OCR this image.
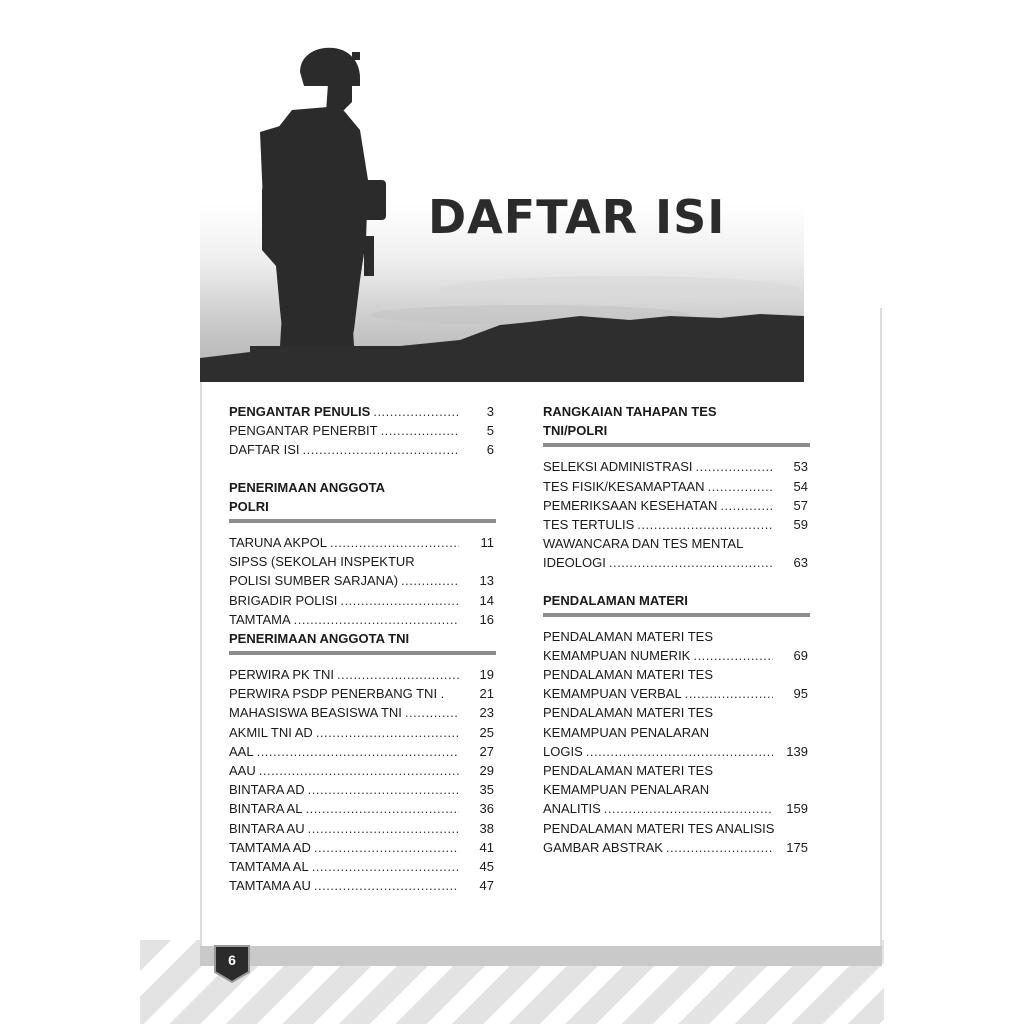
DAFTAR ISI
PENGANTAR PENULIS .....	3
PENGANTAR PENERBIT .....	5
DAFTAR ISI .....	6
PENERIMAAN ANGGOTA
POLRI
TARUNA AKPOL .....	11
SIPSS (SEKOLAH INSPEKTUR
POLISI SUMBER SARJANA) .....	13
BRIGADIR POLISI .....	14
TAMTAMA .....	16
PENERIMAAN ANGGOTA TNI
PERWIRA PK TNI .....	19
PERWIRA PSDP PENERBANG TNI .	21
MAHASISWA BEASISWA TNI .....	23
AKMIL TNI AD .....	25
AAL .....	27
AAU .....	29
BINTARA AD .....	35
BINTARA AL .....	36
BINTARA AU .....	38
TAMTAMA AD .....	41
TAMTAMA AL .....	45
TAMTAMA AU .....	47
RANGKAIAN TAHAPAN TES
TNI/POLRI
SELEKSI ADMINISTRASI .....	53
TES FISIK/KESAMAPTAAN .....	54
PEMERIKSAAN KESEHATAN .....	57
TES TERTULIS .....	59
WAWANCARA DAN TES MENTAL
IDEOLOGI .....	63
PENDALAMAN MATERI
PENDALAMAN MATERI TES
KEMAMPUAN NUMERIK .....	69
PENDALAMAN MATERI TES
KEMAMPUAN VERBAL .....	95
PENDALAMAN MATERI TES
KEMAMPUAN PENALARAN
LOGIS .....	139
PENDALAMAN MATERI TES
KEMAMPUAN PENALARAN
ANALITIS .....	159
PENDALAMAN MATERI TES ANALISIS
GAMBAR ABSTRAK .....	175
6
